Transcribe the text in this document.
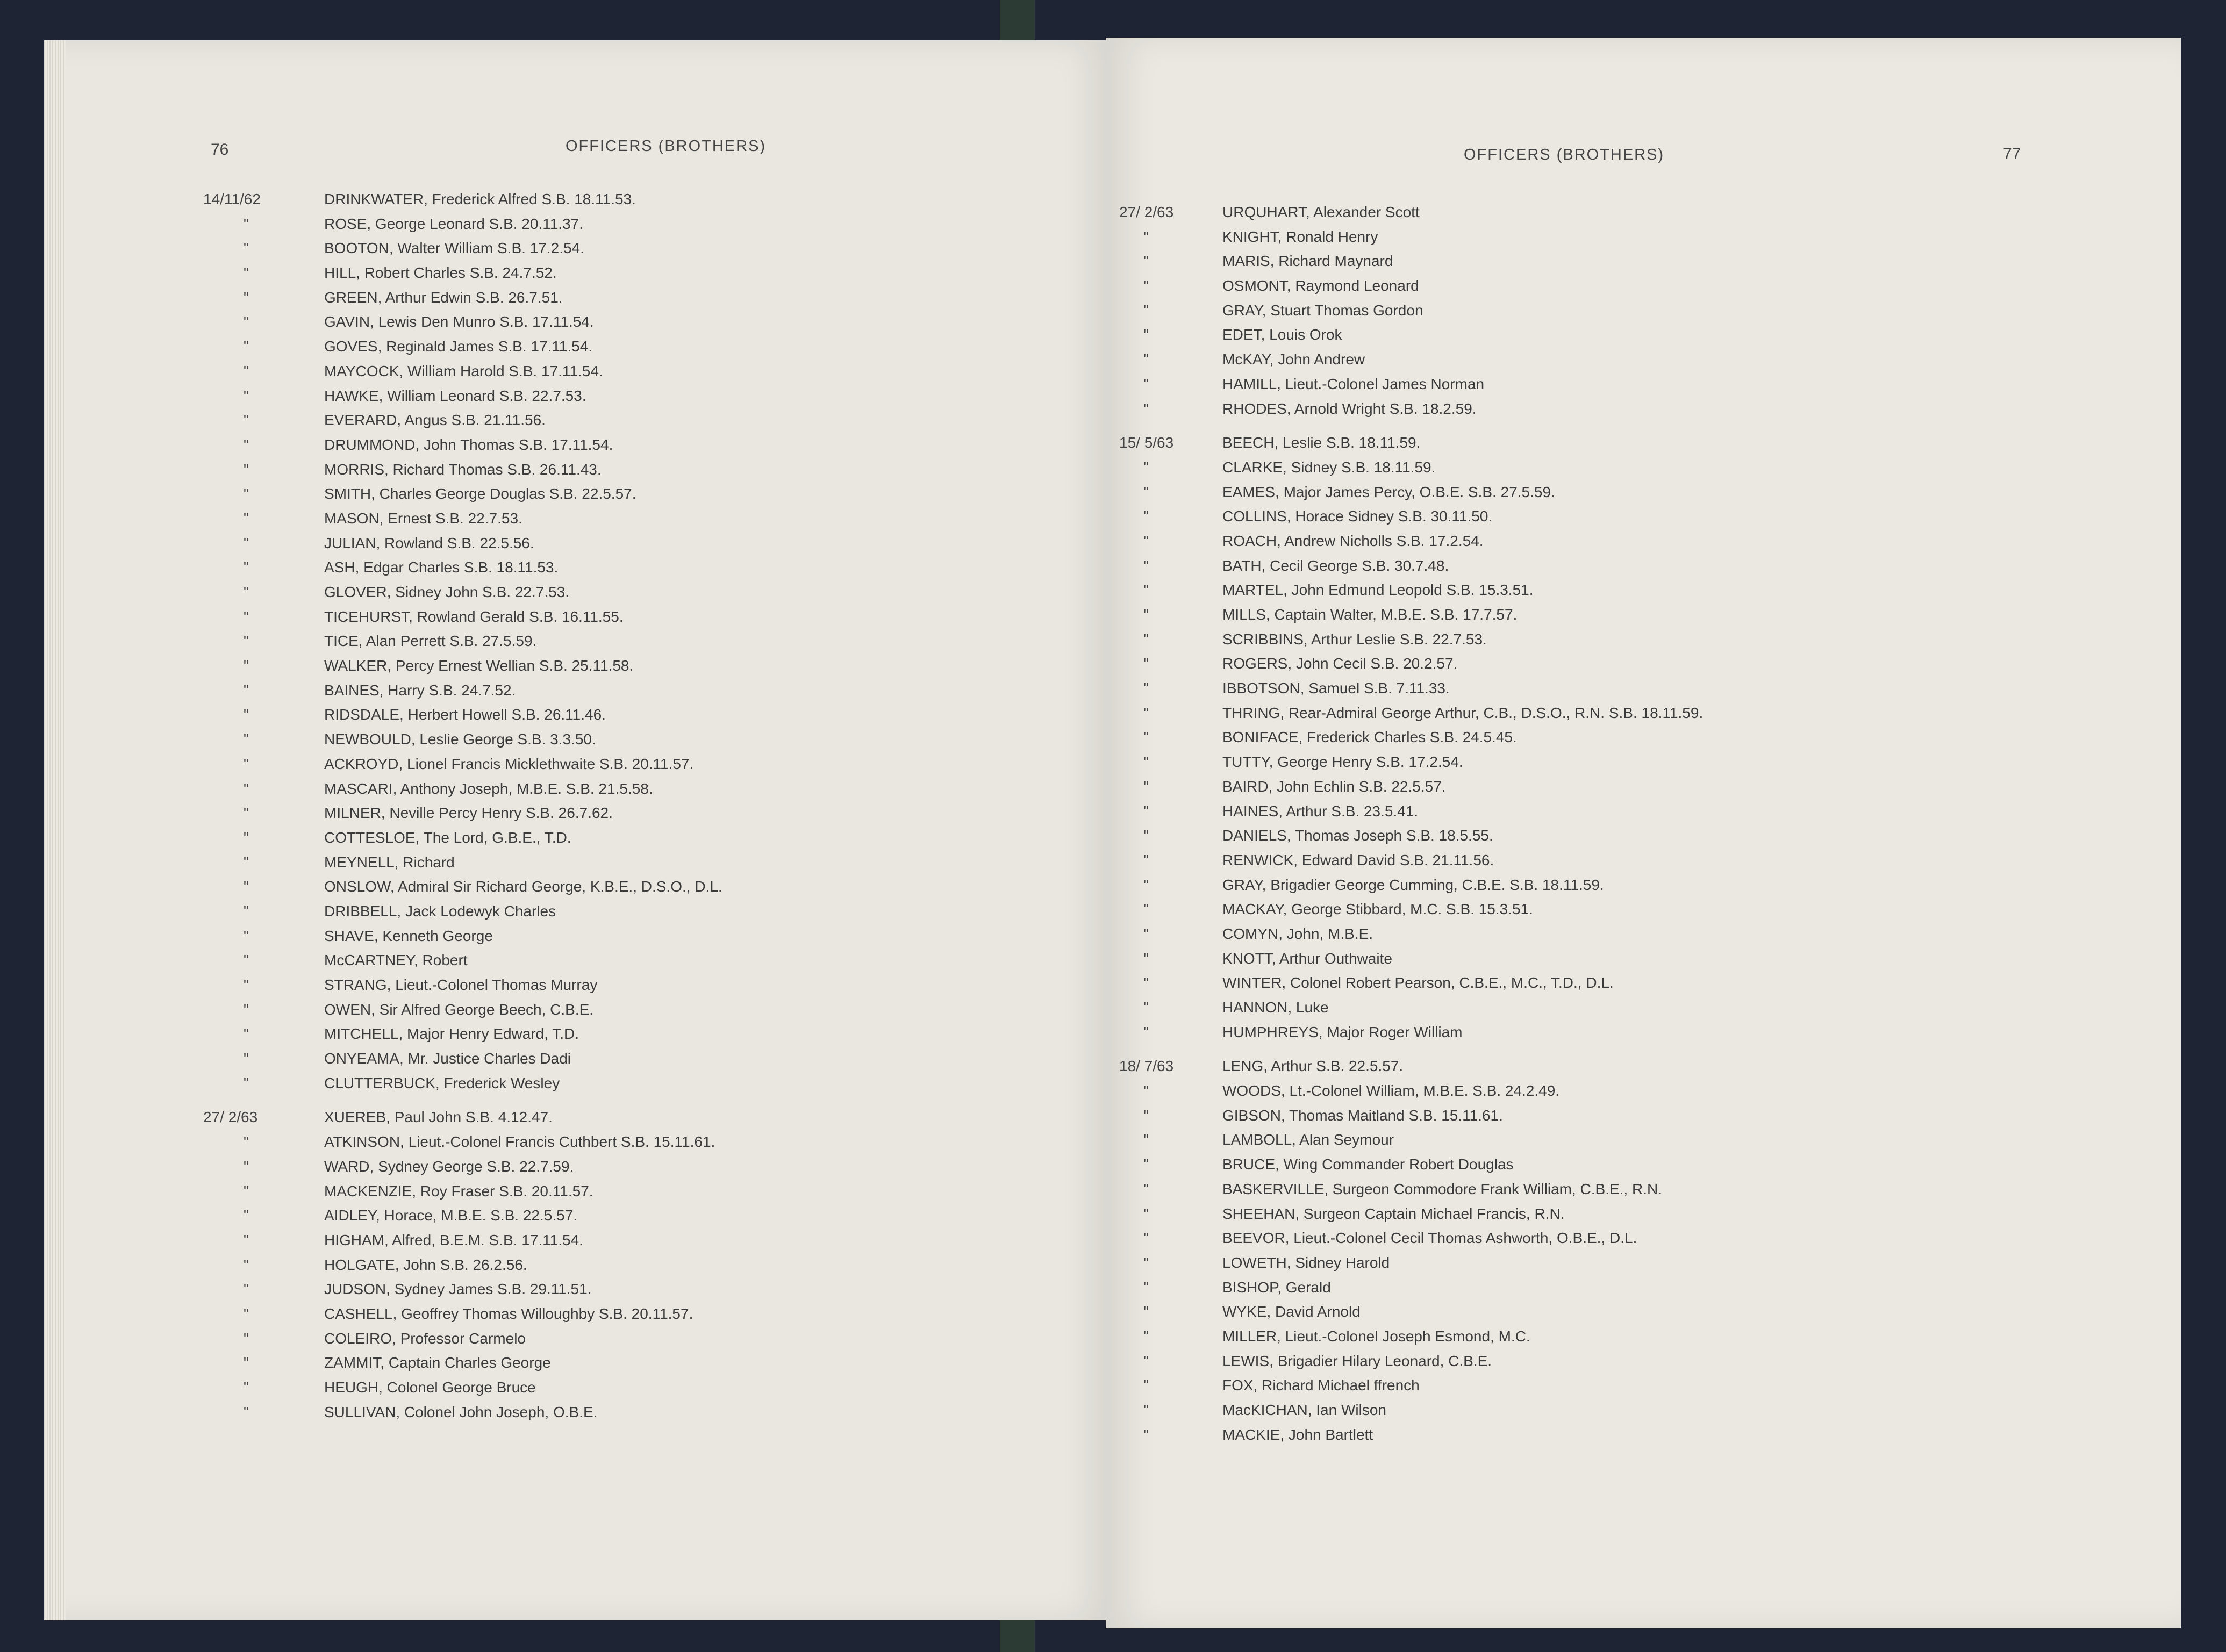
76	OFFICERS (BROTHERS)	OFFICERS (BROTHERS)	77
14/11/62	DRINKWATER, Frederick Alfred S.B. 18.11.53.
"	ROSE, George Leonard S.B. 20.11.37.
"	BOOTON, Walter William S.B. 17.2.54.
"	HILL, Robert Charles S.B. 24.7.52.
"	GREEN, Arthur Edwin S.B. 26.7.51.
"	GAVIN, Lewis Den Munro S.B. 17.11.54.
"	GOVES, Reginald James S.B. 17.11.54.
"	MAYCOCK, William Harold S.B. 17.11.54.
"	HAWKE, William Leonard S.B. 22.7.53.
"	EVERARD, Angus S.B. 21.11.56.
"	DRUMMOND, John Thomas S.B. 17.11.54.
"	MORRIS, Richard Thomas S.B. 26.11.43.
"	SMITH, Charles George Douglas S.B. 22.5.57.
"	MASON, Ernest S.B. 22.7.53.
"	JULIAN, Rowland S.B. 22.5.56.
"	ASH, Edgar Charles S.B. 18.11.53.
"	GLOVER, Sidney John S.B. 22.7.53.
"	TICEHURST, Rowland Gerald S.B. 16.11.55.
"	TICE, Alan Perrett S.B. 27.5.59.
"	WALKER, Percy Ernest Wellian S.B. 25.11.58.
"	BAINES, Harry S.B. 24.7.52.
"	RIDSDALE, Herbert Howell S.B. 26.11.46.
"	NEWBOULD, Leslie George S.B. 3.3.50.
"	ACKROYD, Lionel Francis Micklethwaite S.B. 20.11.57.
"	MASCARI, Anthony Joseph, M.B.E. S.B. 21.5.58.
"	MILNER, Neville Percy Henry S.B. 26.7.62.
"	COTTESLOE, The Lord, G.B.E., T.D.
"	MEYNELL, Richard
"	ONSLOW, Admiral Sir Richard George, K.B.E., D.S.O., D.L.
"	DRIBBELL, Jack Lodewyk Charles
"	SHAVE, Kenneth George
"	McCARTNEY, Robert
"	STRANG, Lieut.-Colonel Thomas Murray
"	OWEN, Sir Alfred George Beech, C.B.E.
"	MITCHELL, Major Henry Edward, T.D.
"	ONYEAMA, Mr. Justice Charles Dadi
"	CLUTTERBUCK, Frederick Wesley
27/ 2/63	XUEREB, Paul John S.B. 4.12.47.
"	ATKINSON, Lieut.-Colonel Francis Cuthbert S.B. 15.11.61.
"	WARD, Sydney George S.B. 22.7.59.
"	MACKENZIE, Roy Fraser S.B. 20.11.57.
"	AIDLEY, Horace, M.B.E. S.B. 22.5.57.
"	HIGHAM, Alfred, B.E.M. S.B. 17.11.54.
"	HOLGATE, John S.B. 26.2.56.
"	JUDSON, Sydney James S.B. 29.11.51.
"	CASHELL, Geoffrey Thomas Willoughby S.B. 20.11.57.
"	COLEIRO, Professor Carmelo
"	ZAMMIT, Captain Charles George
"	HEUGH, Colonel George Bruce
"	SULLIVAN, Colonel John Joseph, O.B.E.
27/ 2/63	URQUHART, Alexander Scott
"	KNIGHT, Ronald Henry
"	MARIS, Richard Maynard
"	OSMONT, Raymond Leonard
"	GRAY, Stuart Thomas Gordon
"	EDET, Louis Orok
"	McKAY, John Andrew
"	HAMILL, Lieut.-Colonel James Norman
"	RHODES, Arnold Wright S.B. 18.2.59.
15/ 5/63	BEECH, Leslie S.B. 18.11.59.
"	CLARKE, Sidney S.B. 18.11.59.
"	EAMES, Major James Percy, O.B.E. S.B. 27.5.59.
"	COLLINS, Horace Sidney S.B. 30.11.50.
"	ROACH, Andrew Nicholls S.B. 17.2.54.
"	BATH, Cecil George S.B. 30.7.48.
"	MARTEL, John Edmund Leopold S.B. 15.3.51.
"	MILLS, Captain Walter, M.B.E. S.B. 17.7.57.
"	SCRIBBINS, Arthur Leslie S.B. 22.7.53.
"	ROGERS, John Cecil S.B. 20.2.57.
"	IBBOTSON, Samuel S.B. 7.11.33.
"	THRING, Rear-Admiral George Arthur, C.B., D.S.O., R.N. S.B. 18.11.59.
"	BONIFACE, Frederick Charles S.B. 24.5.45.
"	TUTTY, George Henry S.B. 17.2.54.
"	BAIRD, John Echlin S.B. 22.5.57.
"	HAINES, Arthur S.B. 23.5.41.
"	DANIELS, Thomas Joseph S.B. 18.5.55.
"	RENWICK, Edward David S.B. 21.11.56.
"	GRAY, Brigadier George Cumming, C.B.E. S.B. 18.11.59.
"	MACKAY, George Stibbard, M.C. S.B. 15.3.51.
"	COMYN, John, M.B.E.
"	KNOTT, Arthur Outhwaite
"	WINTER, Colonel Robert Pearson, C.B.E., M.C., T.D., D.L.
"	HANNON, Luke
"	HUMPHREYS, Major Roger William
18/ 7/63	LENG, Arthur S.B. 22.5.57.
"	WOODS, Lt.-Colonel William, M.B.E. S.B. 24.2.49.
"	GIBSON, Thomas Maitland S.B. 15.11.61.
"	LAMBOLL, Alan Seymour
"	BRUCE, Wing Commander Robert Douglas
"	BASKERVILLE, Surgeon Commodore Frank William, C.B.E., R.N.
"	SHEEHAN, Surgeon Captain Michael Francis, R.N.
"	BEEVOR, Lieut.-Colonel Cecil Thomas Ashworth, O.B.E., D.L.
"	LOWETH, Sidney Harold
"	BISHOP, Gerald
"	WYKE, David Arnold
"	MILLER, Lieut.-Colonel Joseph Esmond, M.C.
"	LEWIS, Brigadier Hilary Leonard, C.B.E.
"	FOX, Richard Michael ffrench
"	MacKICHAN, Ian Wilson
"	MACKIE, John Bartlett
